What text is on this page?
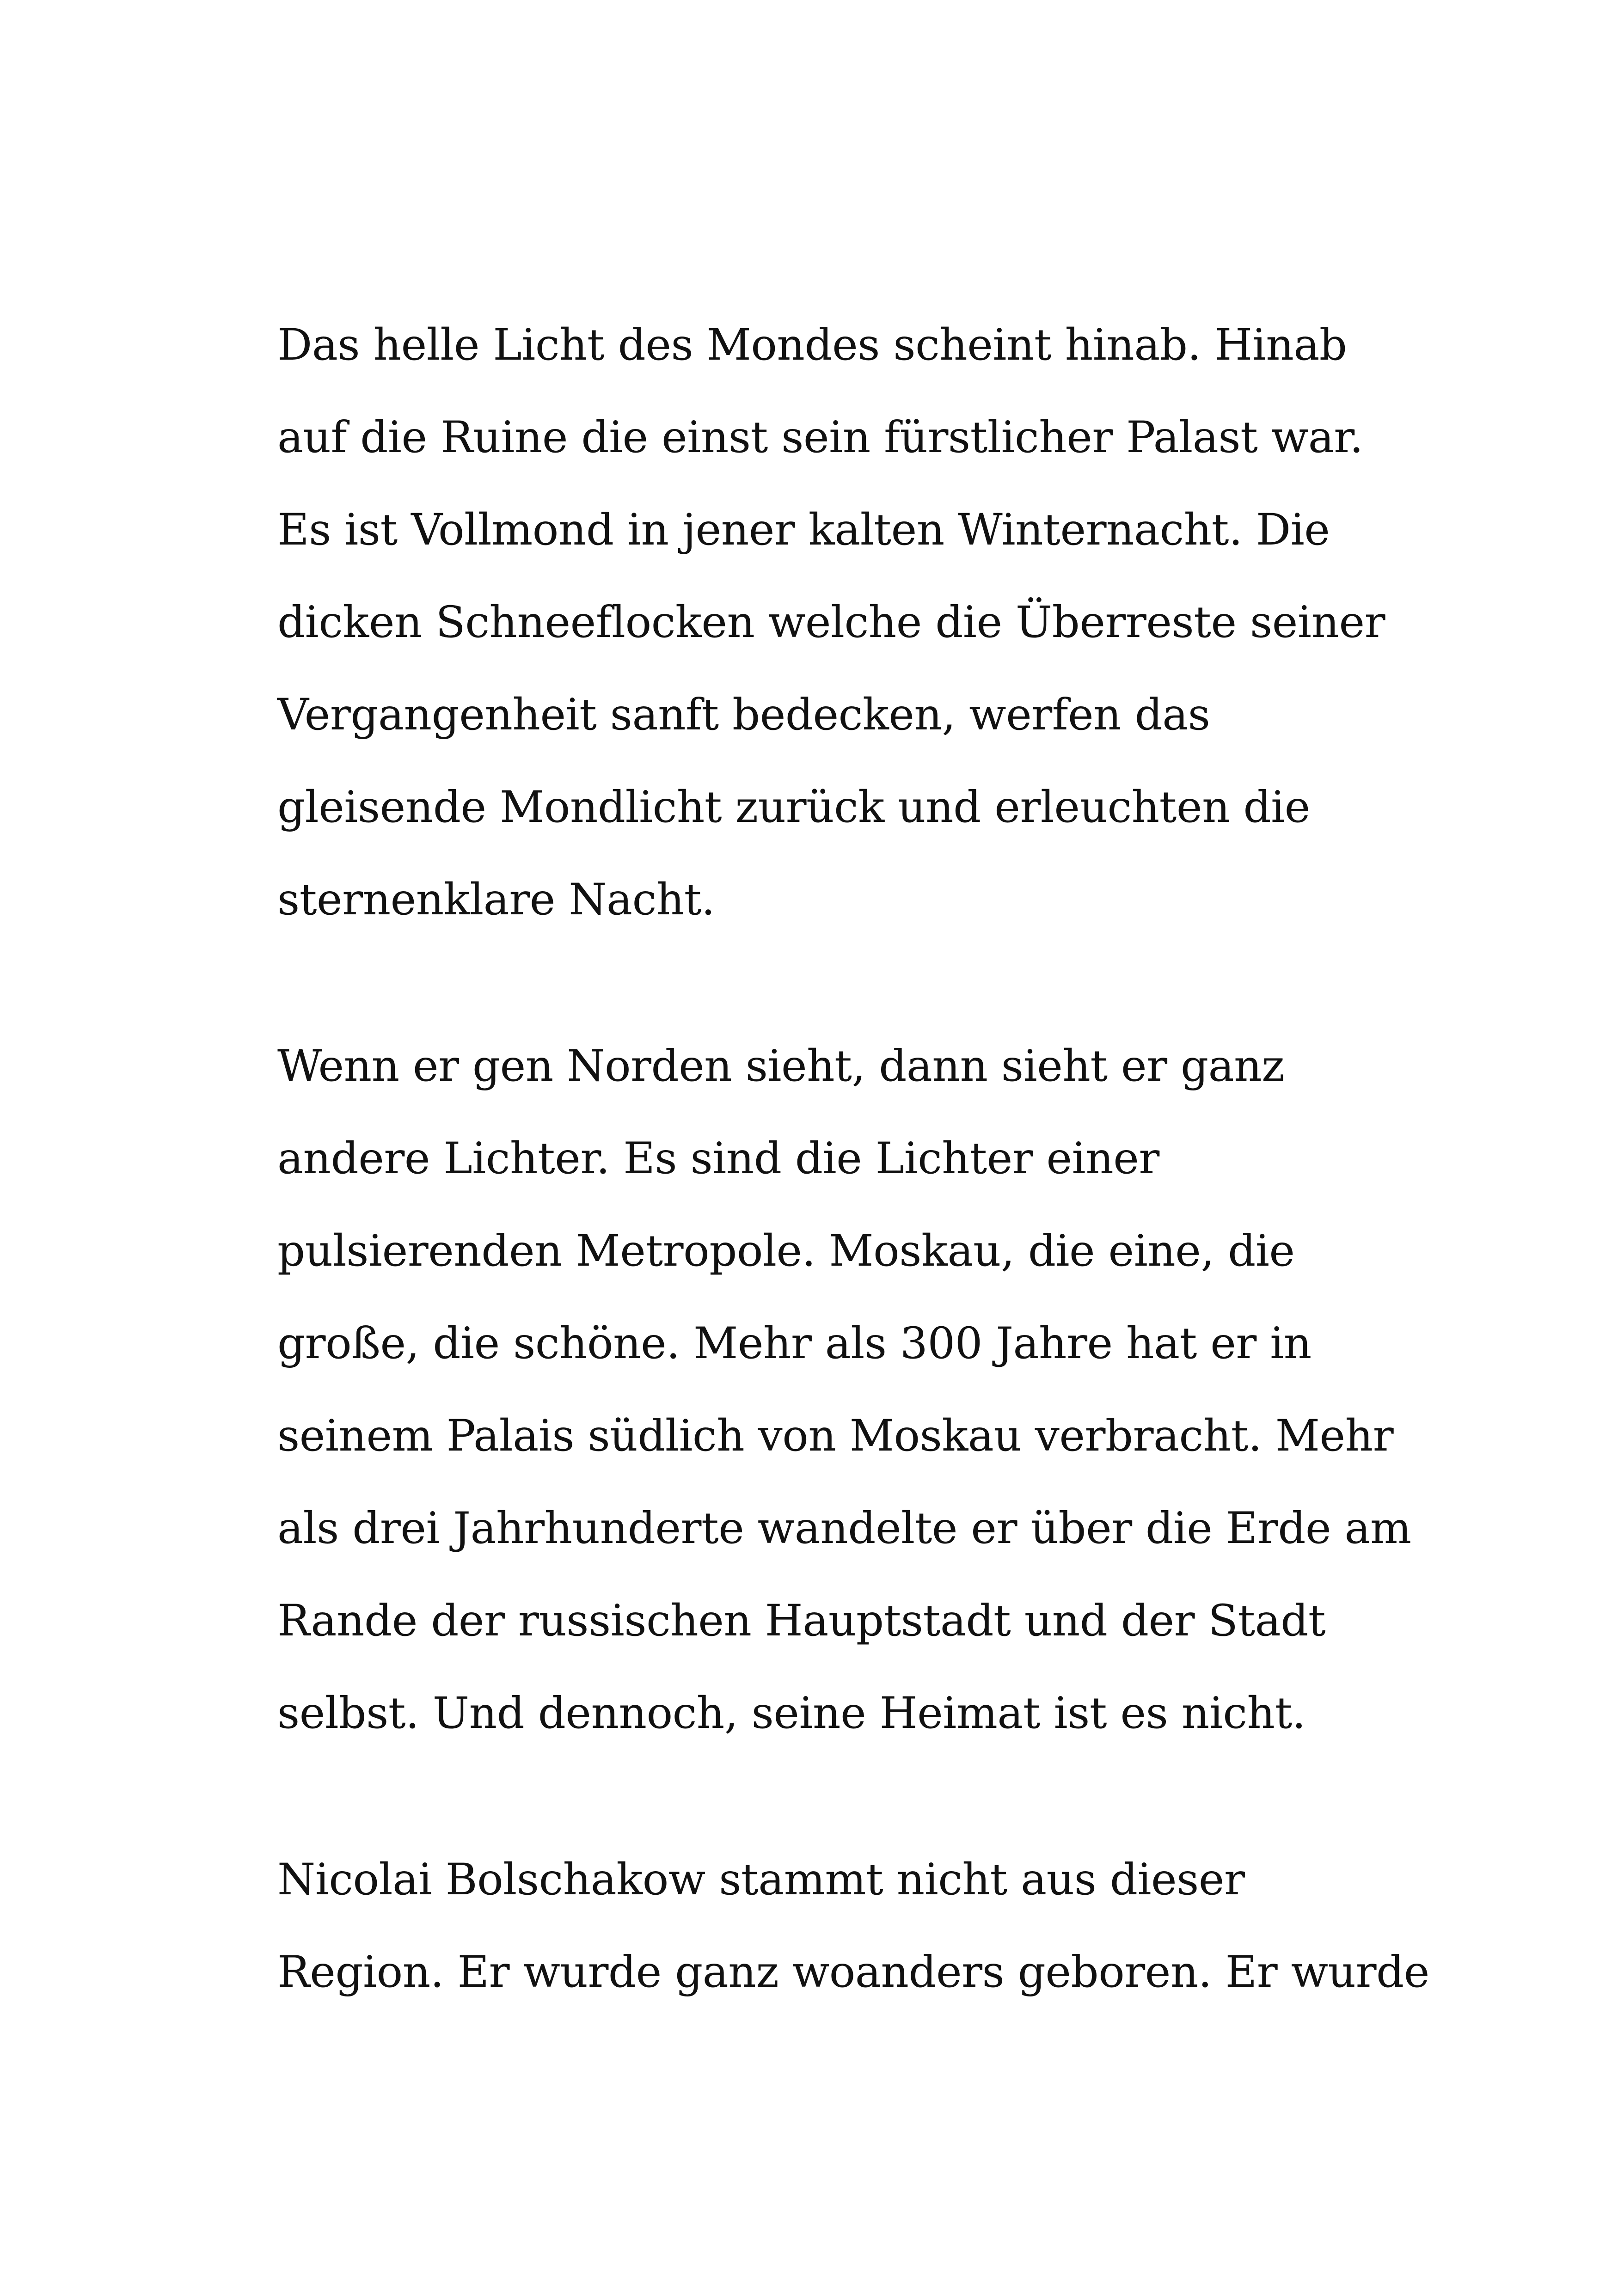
Das helle Licht des Mondes scheint hinab. Hinab
auf die Ruine die einst sein fürstlicher Palast war.
Es ist Vollmond in jener kalten Winternacht. Die
dicken Schneeflocken welche die Überreste seiner
Vergangenheit sanft bedecken, werfen das
gleisende Mondlicht zurück und erleuchten die
sternenklare Nacht.
Wenn er gen Norden sieht, dann sieht er ganz
andere Lichter. Es sind die Lichter einer
pulsierenden Metropole. Moskau, die eine, die
große, die schöne. Mehr als 300 Jahre hat er in
seinem Palais südlich von Moskau verbracht. Mehr
als drei Jahrhunderte wandelte er über die Erde am
Rande der russischen Hauptstadt und der Stadt
selbst. Und dennoch, seine Heimat ist es nicht.
Nicolai Bolschakow stammt nicht aus dieser
Region. Er wurde ganz woanders geboren. Er wurde
